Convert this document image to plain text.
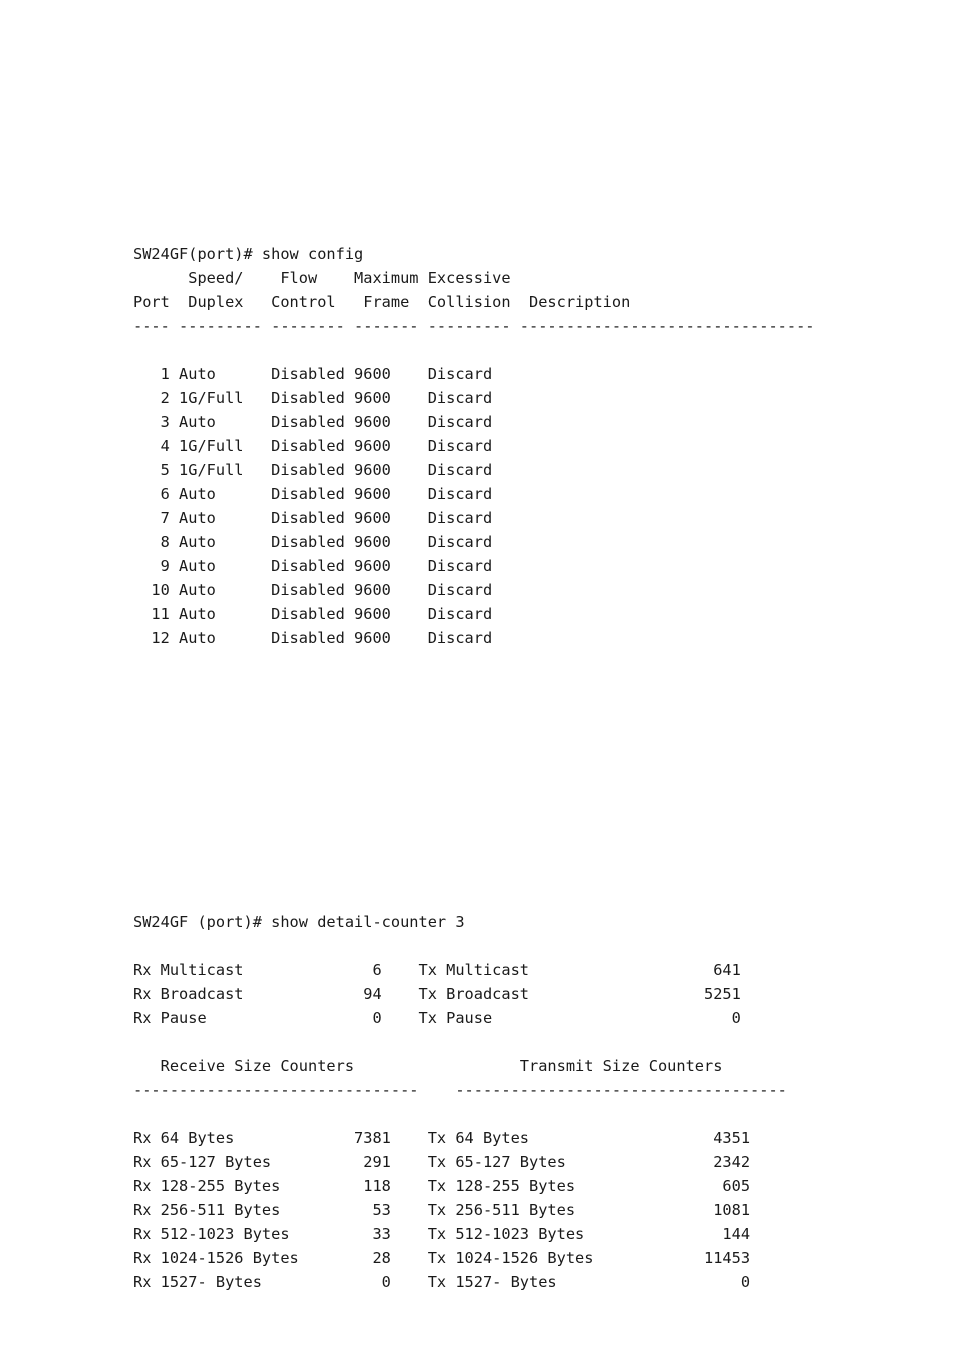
SW24GF(port)# show config
Speed/    Flow    Maximum Excessive
Port  Duplex   Control   Frame  Collision  Description
---- --------- -------- ------- --------- --------------------------------

1 Auto      Disabled 9600    Discard
2 1G/Full   Disabled 9600    Discard
3 Auto      Disabled 9600    Discard
4 1G/Full   Disabled 9600    Discard
5 1G/Full   Disabled 9600    Discard
6 Auto      Disabled 9600    Discard
7 Auto      Disabled 9600    Discard
8 Auto      Disabled 9600    Discard
9 Auto      Disabled 9600    Discard
10 Auto      Disabled 9600    Discard
11 Auto      Disabled 9600    Discard
12 Auto      Disabled 9600    Discard

SW24GF (port)# show detail-counter 3

Rx Multicast              6    Tx Multicast                    641
Rx Broadcast             94    Tx Broadcast                   5251
Rx Pause                  0    Tx Pause                          0

Receive Size Counters                  Transmit Size Counters
-------------------------------    ------------------------------------

Rx 64 Bytes             7381    Tx 64 Bytes                    4351
Rx 65-127 Bytes          291    Tx 65-127 Bytes                2342
Rx 128-255 Bytes         118    Tx 128-255 Bytes                605
Rx 256-511 Bytes          53    Tx 256-511 Bytes               1081
Rx 512-1023 Bytes         33    Tx 512-1023 Bytes               144
Rx 1024-1526 Bytes        28    Tx 1024-1526 Bytes            11453
Rx 1527- Bytes             0    Tx 1527- Bytes                    0
